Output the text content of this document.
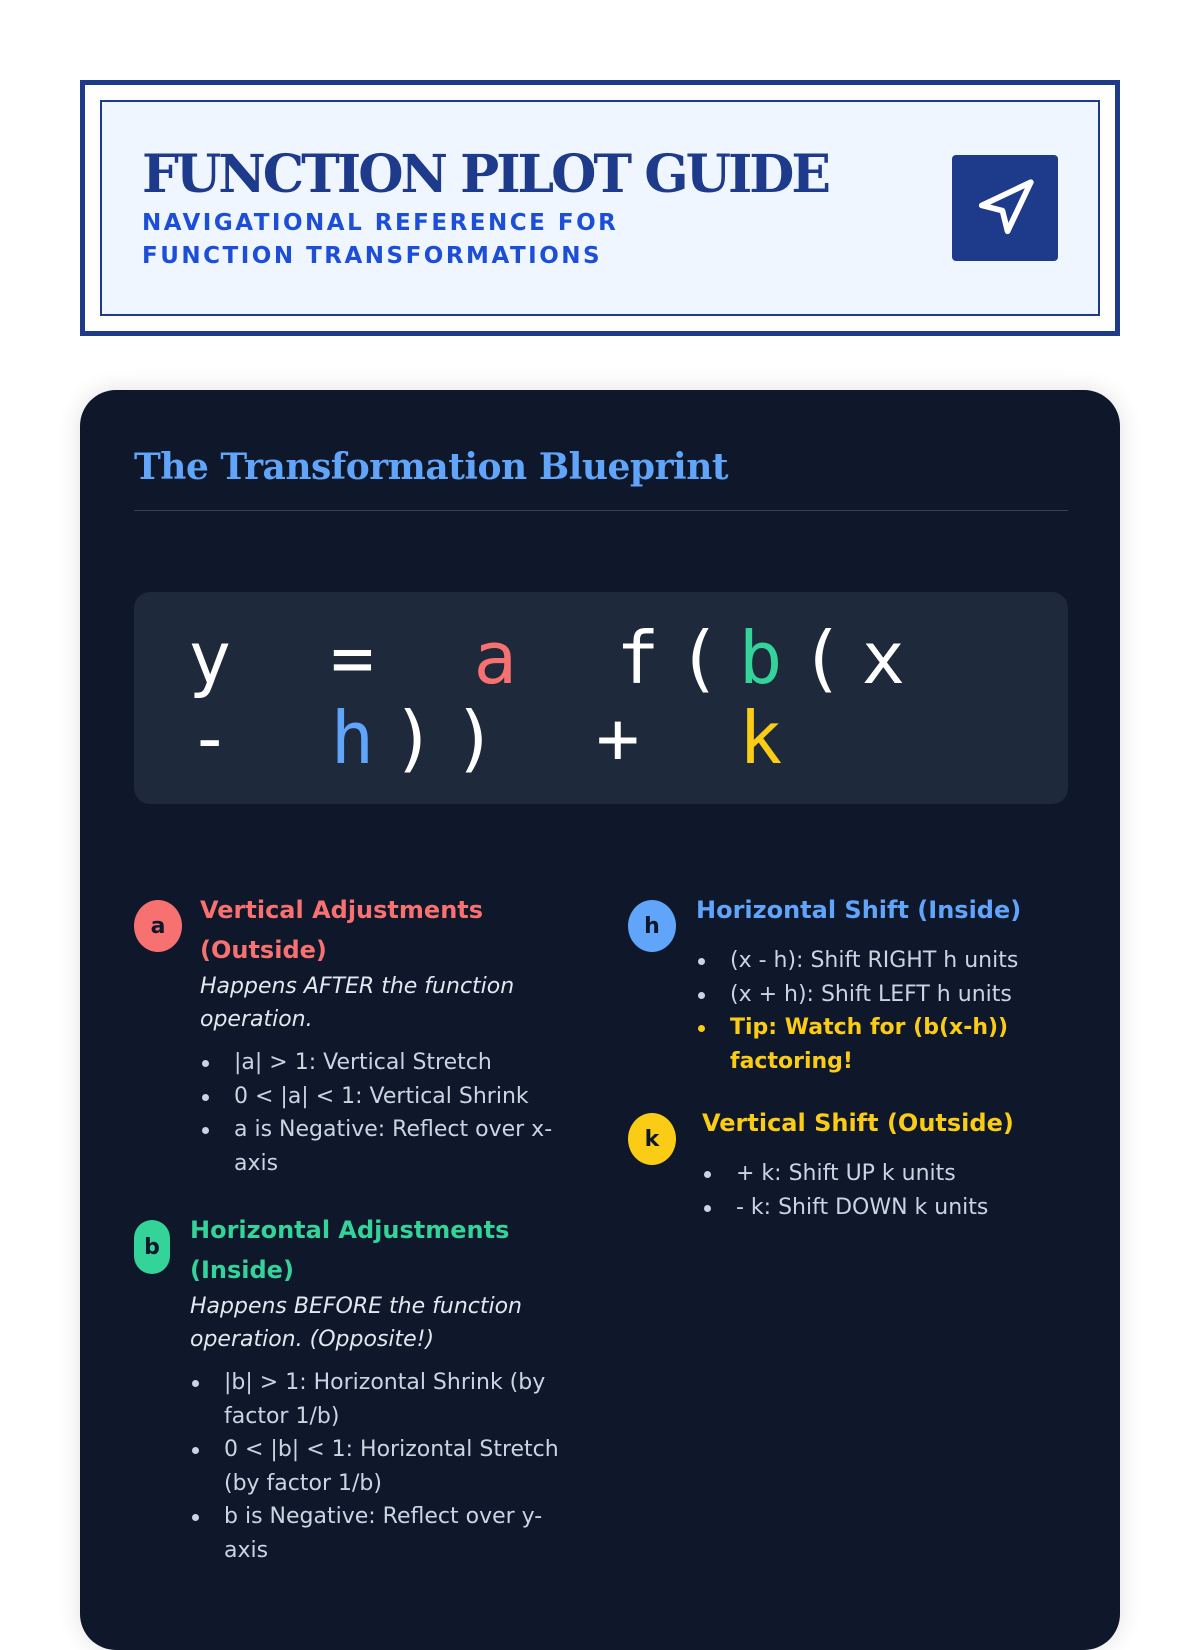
FUNCTION PILOT GUIDE
NAVIGATIONAL REFERENCE FOR FUNCTION TRANSFORMATIONS
The Transformation Blueprint
y = a f(b(x - h)) + k
a
Vertical Adjustments (Outside)

Happens AFTER the function operation.

|a| > 1: Vertical Stretch
0 < |a| < 1: Vertical Shrink
a is Negative: Reflect over x-axis
b
Horizontal Adjustments (Inside)

Happens BEFORE the function operation. (Opposite!)

|b| > 1: Horizontal Shrink (by factor 1/b)
0 < |b| < 1: Horizontal Stretch (by factor 1/b)
b is Negative: Reflect over y-axis
h
Horizontal Shift (Inside)
(x - h): Shift RIGHT h units
(x + h): Shift LEFT h units
Tip: Watch for (b(x-h)) factoring!
k
Vertical Shift (Outside)
+ k: Shift UP k units
- k: Shift DOWN k units
